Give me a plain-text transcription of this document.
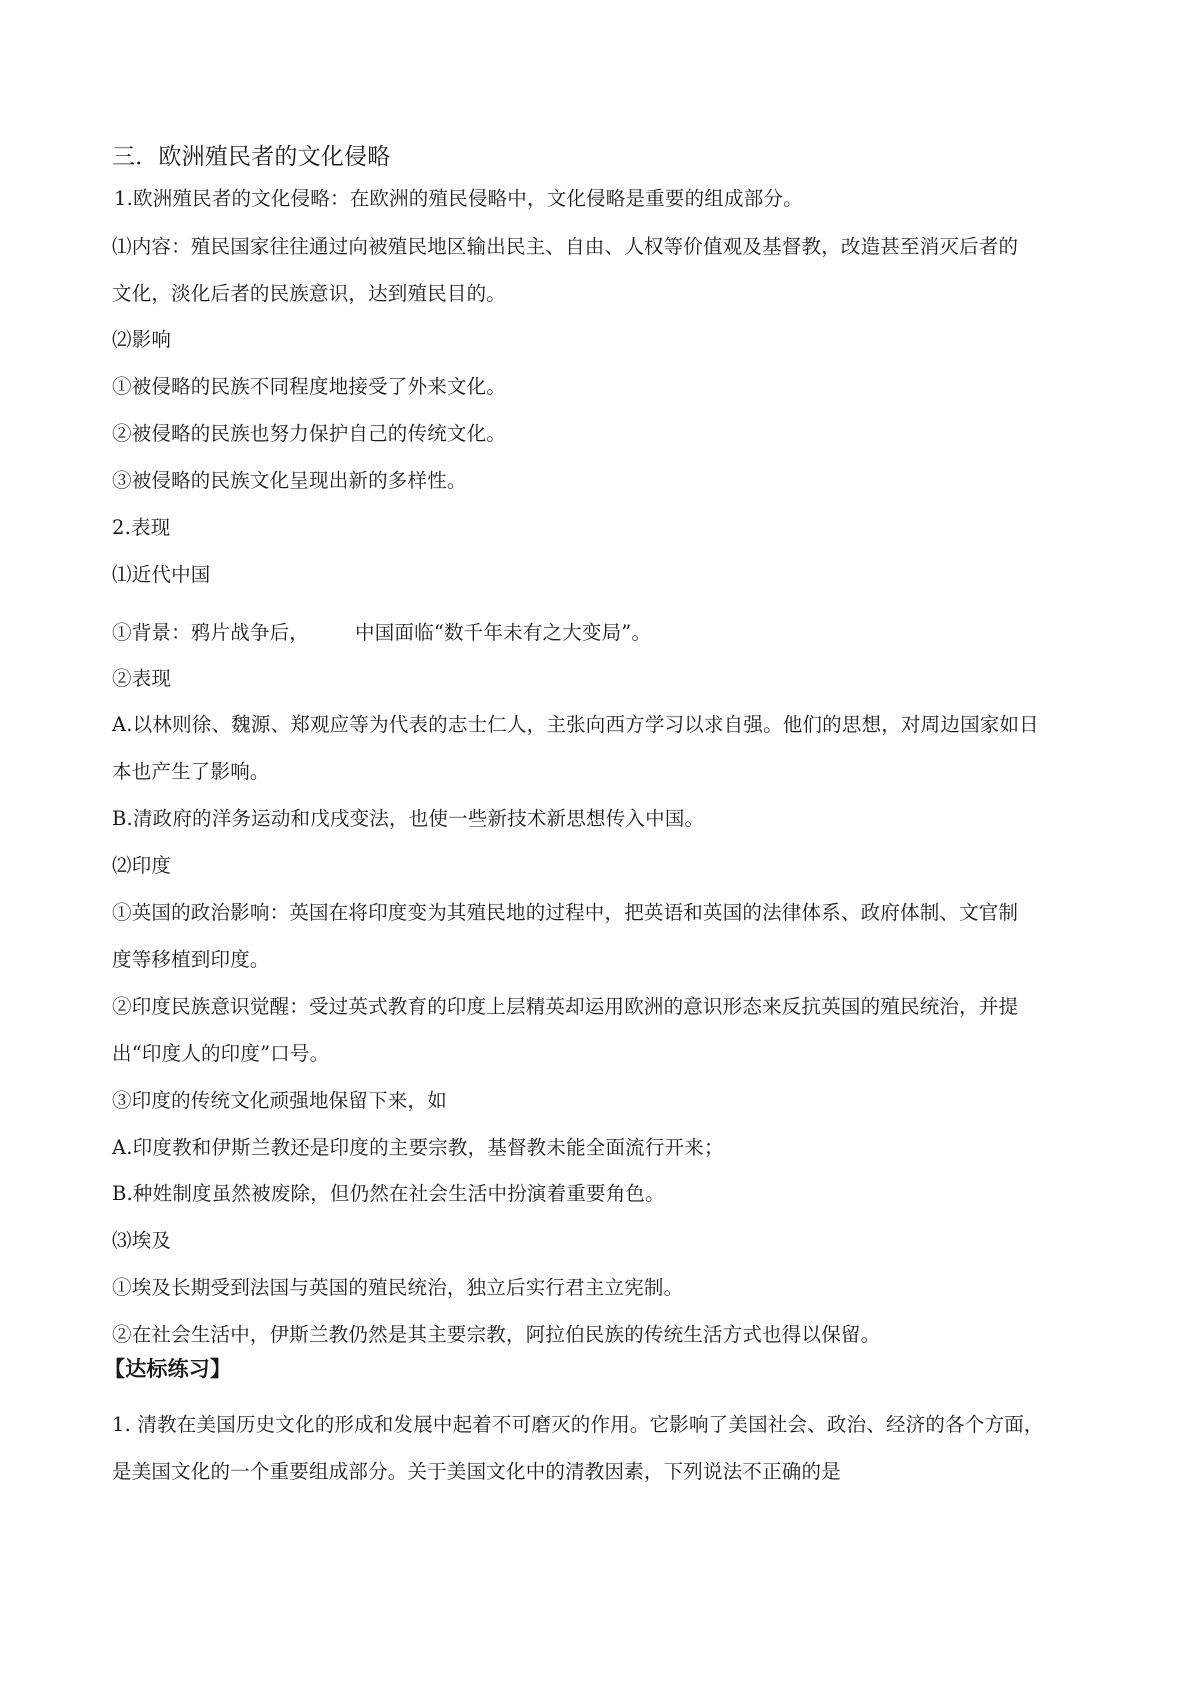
三．欧洲殖民者的文化侵略
1.欧洲殖民者的文化侵略：在欧洲的殖民侵略中，文化侵略是重要的组成部分。
⑴内容：殖民国家往往通过向被殖民地区输出民主、自由、人权等价值观及基督教，改造甚至消灭后者的
文化，淡化后者的民族意识，达到殖民目的。
⑵影响
①被侵略的民族不同程度地接受了外来文化。
②被侵略的民族也努力保护自己的传统文化。
③被侵略的民族文化呈现出新的多样性。
2.表现
⑴近代中国
①背景：鸦片战争后， 中国面临“数千年未有之大变局”。
②表现
A.以林则徐、魏源、郑观应等为代表的志士仁人，主张向西方学习以求自强。他们的思想，对周边国家如日
本也产生了影响。
B.清政府的洋务运动和戊戌变法，也使一些新技术新思想传入中国。
⑵印度
①英国的政治影响：英国在将印度变为其殖民地的过程中，把英语和英国的法律体系、政府体制、文官制
度等移植到印度。
②印度民族意识觉醒：受过英式教育的印度上层精英却运用欧洲的意识形态来反抗英国的殖民统治，并提
出“印度人的印度”口号。
③印度的传统文化顽强地保留下来，如
A.印度教和伊斯兰教还是印度的主要宗教，基督教未能全面流行开来；
B.种姓制度虽然被废除，但仍然在社会生活中扮演着重要角色。
⑶埃及
①埃及长期受到法国与英国的殖民统治，独立后实行君主立宪制。
②在社会生活中，伊斯兰教仍然是其主要宗教，阿拉伯民族的传统生活方式也得以保留。
【达标练习】
1. 清教在美国历史文化的形成和发展中起着不可磨灭的作用。它影响了美国社会、政治、经济的各个方面，
是美国文化的一个重要组成部分。关于美国文化中的清教因素，下列说法不正确的是
